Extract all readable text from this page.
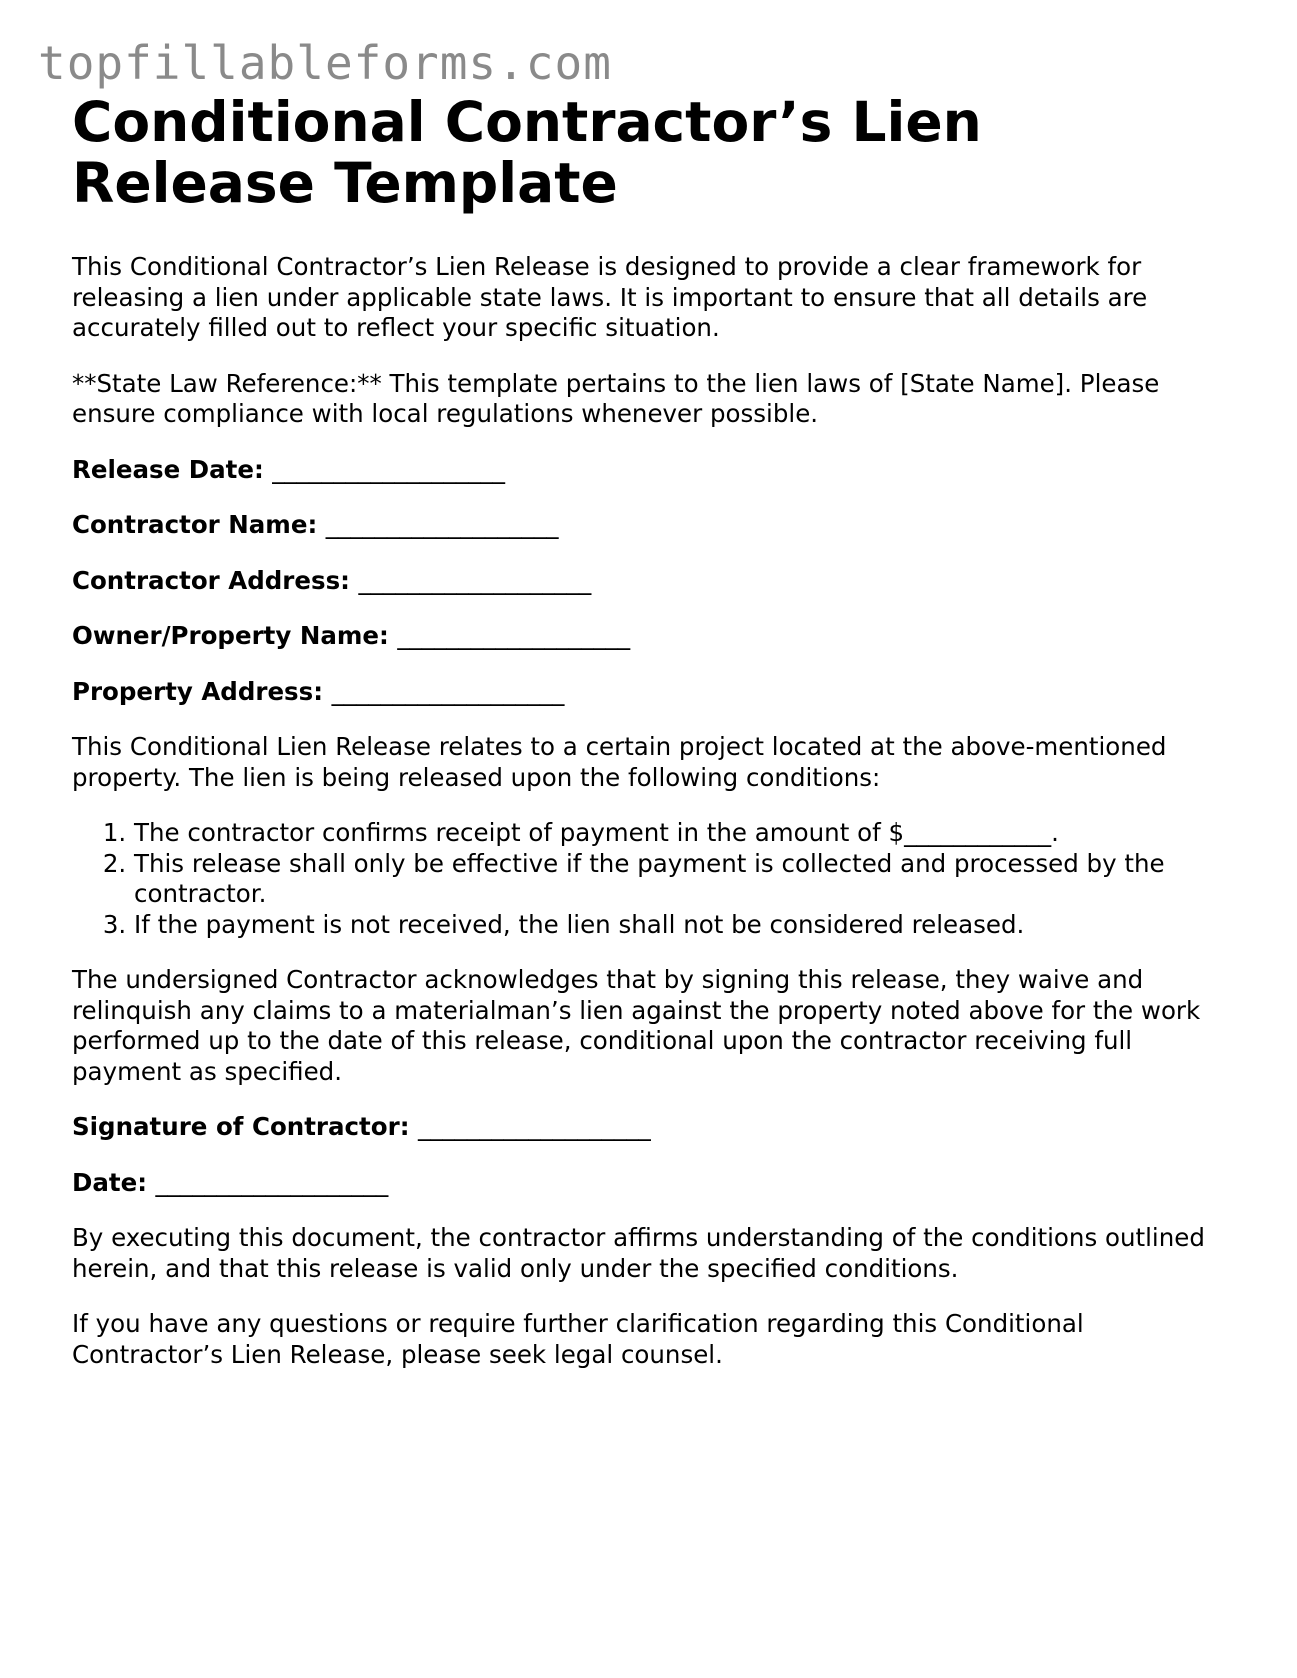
topfillableforms.com
Conditional Contractor’s Lien Release Template

This Conditional Contractor’s Lien Release is designed to provide a clear framework for releasing a lien under applicable state laws. It is important to ensure that all details are accurately filled out to reflect your specific situation.

**State Law Reference:** This template pertains to the lien laws of [State Name]. Please ensure compliance with local regulations whenever possible.

Release Date: ___________________
Contractor Name: ___________________
Contractor Address: ___________________
Owner/Property Name: ___________________
Property Address: ___________________

This Conditional Lien Release relates to a certain project located at the above-mentioned property. The lien is being released upon the following conditions:

1. The contractor confirms receipt of payment in the amount of $____________.
2. This release shall only be effective if the payment is collected and processed by the contractor.
3. If the payment is not received, the lien shall not be considered released.

The undersigned Contractor acknowledges that by signing this release, they waive and relinquish any claims to a materialman’s lien against the property noted above for the work performed up to the date of this release, conditional upon the contractor receiving full payment as specified.

Signature of Contractor: ___________________
Date: ___________________

By executing this document, the contractor affirms understanding of the conditions outlined herein, and that this release is valid only under the specified conditions.

If you have any questions or require further clarification regarding this Conditional Contractor’s Lien Release, please seek legal counsel.
